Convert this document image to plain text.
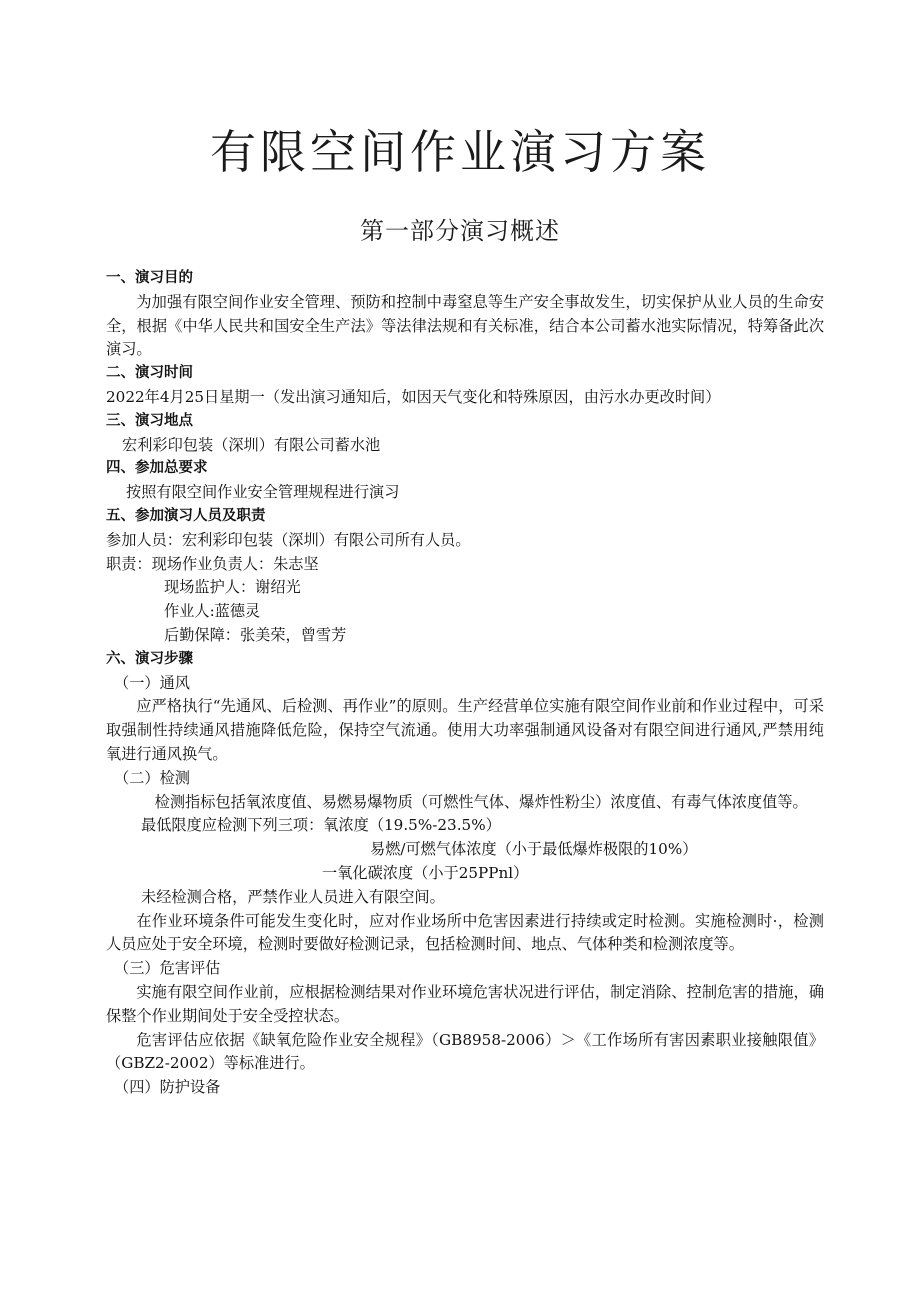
有限空间作业演习方案
第一部分演习概述

一、演习目的

为加强有限空间作业安全管理、预防和控制中毒窒息等生产安全事故发生，切实保护从业人员的生命安全，根据《中华人民共和国安全生产法》等法律法规和有关标准，结合本公司蓄水池实际情况，特筹备此次演习。

二、演习时间

2022年4月25日星期一（发出演习通知后，如因天气变化和特殊原因，由污水办更改时间）

三、演习地点

宏利彩印包装（深圳）有限公司蓄水池

四、参加总要求

按照有限空间作业安全管理规程进行演习

五、参加演习人员及职责

参加人员：宏利彩印包装（深圳）有限公司所有人员。

职责：现场作业负责人：朱志坚

现场监护人：谢绍光

作业人:蓝德灵

后勤保障：张美荣，曾雪芳

六、演习步骤

（一）通风

应严格执行“先通风、后检测、再作业”的原则。生产经营单位实施有限空间作业前和作业过程中，可采取强制性持续通风措施降低危险，保持空气流通。使用大功率强制通风设备对有限空间进行通风,严禁用纯氧进行通风换气。

（二）检测

检测指标包括氧浓度值、易燃易爆物质（可燃性气体、爆炸性粉尘）浓度值、有毒气体浓度值等。

最低限度应检测下列三项：氧浓度（19.5%-23.5%）

易燃/可燃气体浓度（小于最低爆炸极限的10%）

一氧化碳浓度（小于25PPnl）

未经检测合格，严禁作业人员进入有限空间。

在作业环境条件可能发生变化时，应对作业场所中危害因素进行持续或定时检测。实施检测时·，检测人员应处于安全环境，检测时要做好检测记录，包括检测时间、地点、气体种类和检测浓度等。

（三）危害评估

实施有限空间作业前，应根据检测结果对作业环境危害状况进行评估，制定消除、控制危害的措施，确保整个作业期间处于安全受控状态。

危害评估应依据《缺氧危险作业安全规程》（GB8958-2006）＞《工作场所有害因素职业接触限值》（GBZ2-2002）等标准进行。

（四）防护设备
